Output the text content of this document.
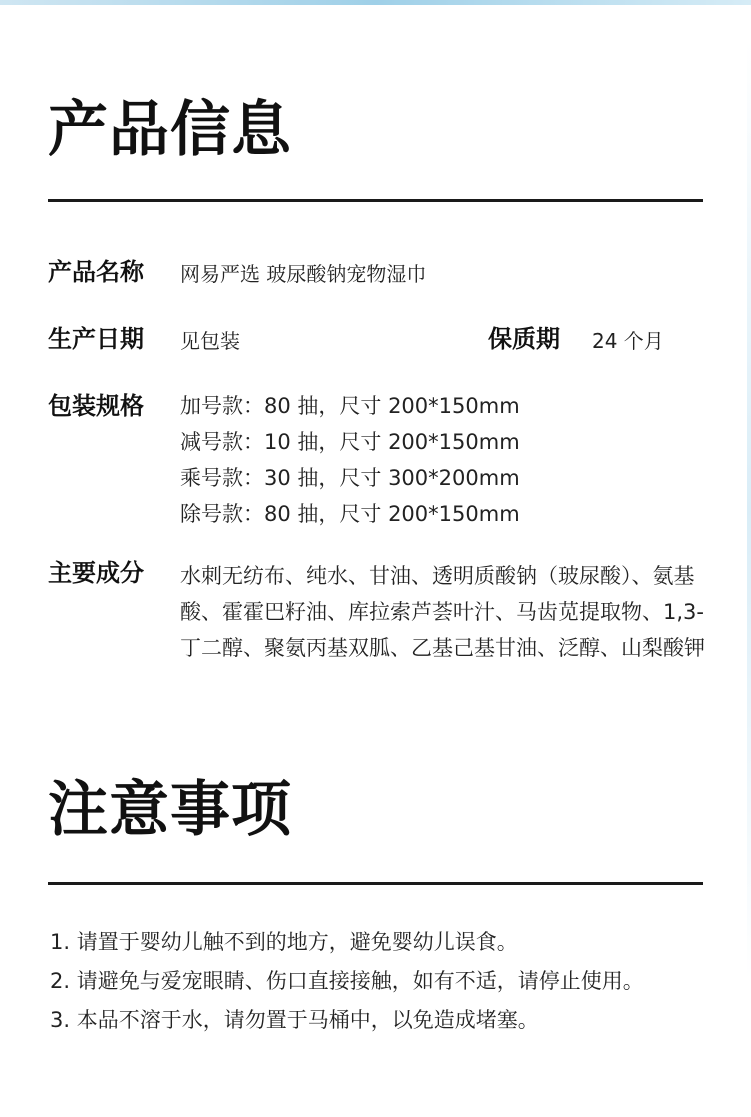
产品信息
产品名称 网易严选 玻尿酸钠宠物湿巾
生产日期 见包装	保质期 24 个月
包装规格 加号款：80 抽，尺寸 200*150mm
减号款：10 抽，尺寸 200*150mm
乘号款：30 抽，尺寸 300*200mm
除号款：80 抽，尺寸 200*150mm
主要成分 水刺无纺布、纯水、甘油、透明质酸钠（玻尿酸）、氨基酸、霍霍巴籽油、库拉索芦荟叶汁、马齿苋提取物、1,3- 丁二醇、聚氨丙基双胍、乙基己基甘油、泛醇、山梨酸钾
注意事项
1. 请置于婴幼儿触不到的地方，避免婴幼儿误食。
2. 请避免与爱宠眼睛、伤口直接接触，如有不适，请停止使用。
3. 本品不溶于水，请勿置于马桶中，以免造成堵塞。
